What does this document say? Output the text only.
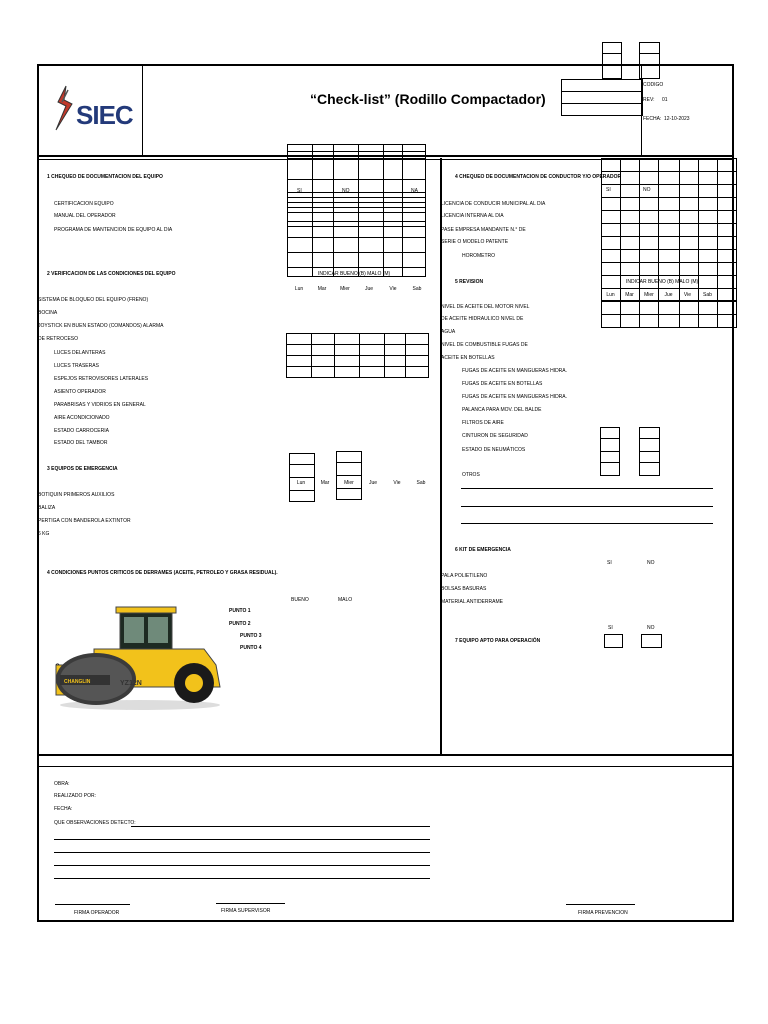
SIEC
“Check-list” (Rodillo Compactador)

CODIGO
REV: 01
FECHA: 12-10-2023

1 CHEQUEO DE DOCUMENTACION DEL EQUIPO
SI	NO	NA
CERTIFICACION EQUIPO
MANUAL DEL OPERADOR
PROGRAMA DE MANTENCION DE EQUIPO AL DIA
2 VERIFICACION DE LAS CONDICIONES DEL EQUIPO	INDICAR BUENO (B) MALO (M)
Lun	Mar	Mier	Jue	Vie	Sab
SISTEMA DE BLOQUEO DEL EQUIPO (FRENO)
BOCINA
JOYSTICK EN BUEN ESTADO (COMANDOS) ALARMA
DE RETROCESO
LUCES DELANTERAS
LUCES TRASERAS
ESPEJOS RETROVISORES LATERALES
ASIENTO OPERADOR
PARABRISAS Y VIDRIOS EN GENERAL
AIRE ACONDICIONADO
ESTADO CARROCERIA
ESTADO DEL TAMBOR

3 EQUIPOS DE EMERGENCIA

Lun	Mar	Mier	Jue	Vie	Sab
BOTIQUIN PRIMEROS AUXILIOS
BALIZA
PERTIGA CON BANDEROLA EXTINTOR
6 KG
4 CONDICIONES PUNTOS CRITICOS DE DERRAMES (ACEITE, PETROLEO Y GRASA RESIDUAL).
BUENO	MALO
PUNTO 1
PUNTO 2
PUNTO 3
PUNTO 4
CHANGLIN	YZ12N
4 CHEQUEO DE DOCUMENTACION DE CONDUCTOR Y/O OPERADOR

SI	NO
LICENCIA DE CONDUCIR MUNICIPAL AL DIA
LICENCIA INTERNA AL DIA
PASE EMPRESA MANDANTE N.° DE
SERIE O MODELO PATENTE
HOROMETRO
5 REVISION	INDICAR BUENO (B) MALO (M)
Lun	Mar	Mier	Jue	Vie	Sab

NIVEL DE ACEITE DEL MOTOR NIVEL
DE ACEITE HIDRAULICO NIVEL DE
AGUA
NIVEL DE COMBUSTIBLE FUGAS DE
ACEITE EN BOTELLAS
FUGAS DE ACEITE EN MANGUERAS HIDRA.
FUGAS DE ACEITE EN BOTELLAS
FUGAS DE ACEITE EN MANGUERAS HIDRA.
PALANCA PARA MOV. DEL BALDE
FILTROS DE AIRE
CINTURON DE SEGURIDAD
ESTADO DE NEUMÁTICOS

OTROS
6 KIT DE EMERGENCIA
SI	NO
PALA POLIETILENO
BOLSAS BASURAS
MATERIAL ANTIDERRAME
SI	NO
7 EQUIPO APTO PARA OPERACIÓN
OBRA:
REALIZADO POR:
FECHA:
QUE OBSERVACIONES DETECTO:
FIRMA OPERADOR	FIRMA SUPERVISOR	FIRMA PREVENCION
